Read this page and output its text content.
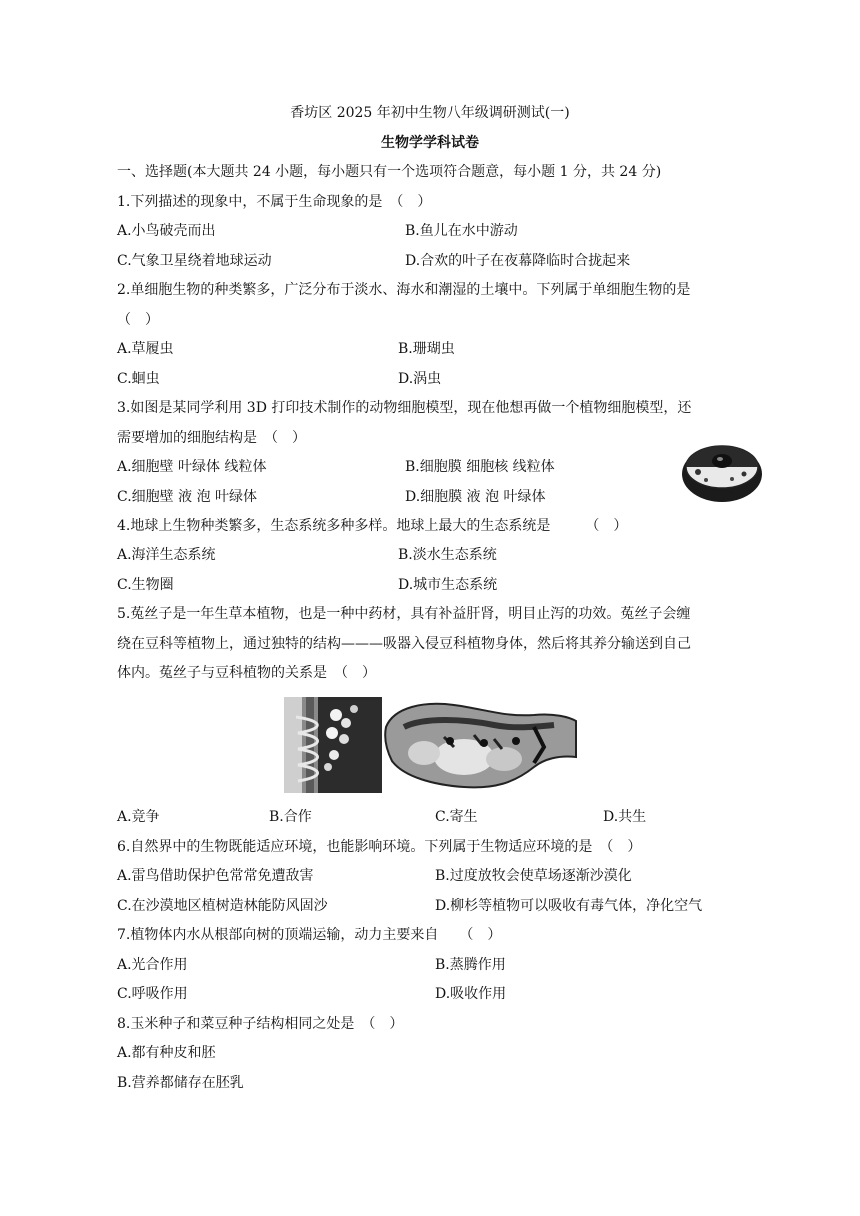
香坊区 2025 年初中生物八年级调研测试(一)
生物学学科试卷
一、选择题(本大题共 24 小题，每小题只有一个选项符合题意，每小题 1 分，共 24 分)
1.下列描述的现象中，不属于生命现象的是　（　）
A.小鸟破壳而出	B.鱼儿在水中游动
C.气象卫星绕着地球运动	D.合欢的叶子在夜幕降临时合拢起来
2.单细胞生物的种类繁多，广泛分布于淡水、海水和潮湿的土壤中。下列属于单细胞生物的是
（　）
A.草履虫	B.珊瑚虫
C.蛔虫	D.涡虫
3.如图是某同学利用 3D 打印技术制作的动物细胞模型，现在他想再做一个植物细胞模型，还
需要增加的细胞结构是　（　）
A.细胞壁 叶绿体 线粒体	B.细胞膜 细胞核 线粒体
C.细胞壁 液 泡 叶绿体	D.细胞膜 液 泡 叶绿体
4.地球上生物种类繁多，生态系统多种多样。地球上最大的生态系统是　　　（　）
A.海洋生态系统	B.淡水生态系统
C.生物圈	D.城市生态系统
5.菟丝子是一年生草本植物，也是一种中药材，具有补益肝肾，明目止泻的功效。菟丝子会缠
绕在豆科等植物上，通过独特的结构———吸器入侵豆科植物身体，然后将其养分输送到自己
体内。菟丝子与豆科植物的关系是　（　）
A.竞争	B.合作	C.寄生	D.共生
6.自然界中的生物既能适应环境，也能影响环境。下列属于生物适应环境的是　（　）
A.雷鸟借助保护色常常免遭敌害	B.过度放牧会使草场逐渐沙漠化
C.在沙漠地区植树造林能防风固沙	D.柳杉等植物可以吸收有毒气体，净化空气
7.植物体内水从根部向树的顶端运输，动力主要来自　　（　）
A.光合作用	B.蒸腾作用
C.呼吸作用	D.吸收作用
8.玉米种子和菜豆种子结构相同之处是　（　）
A.都有种皮和胚
B.营养都储存在胚乳
